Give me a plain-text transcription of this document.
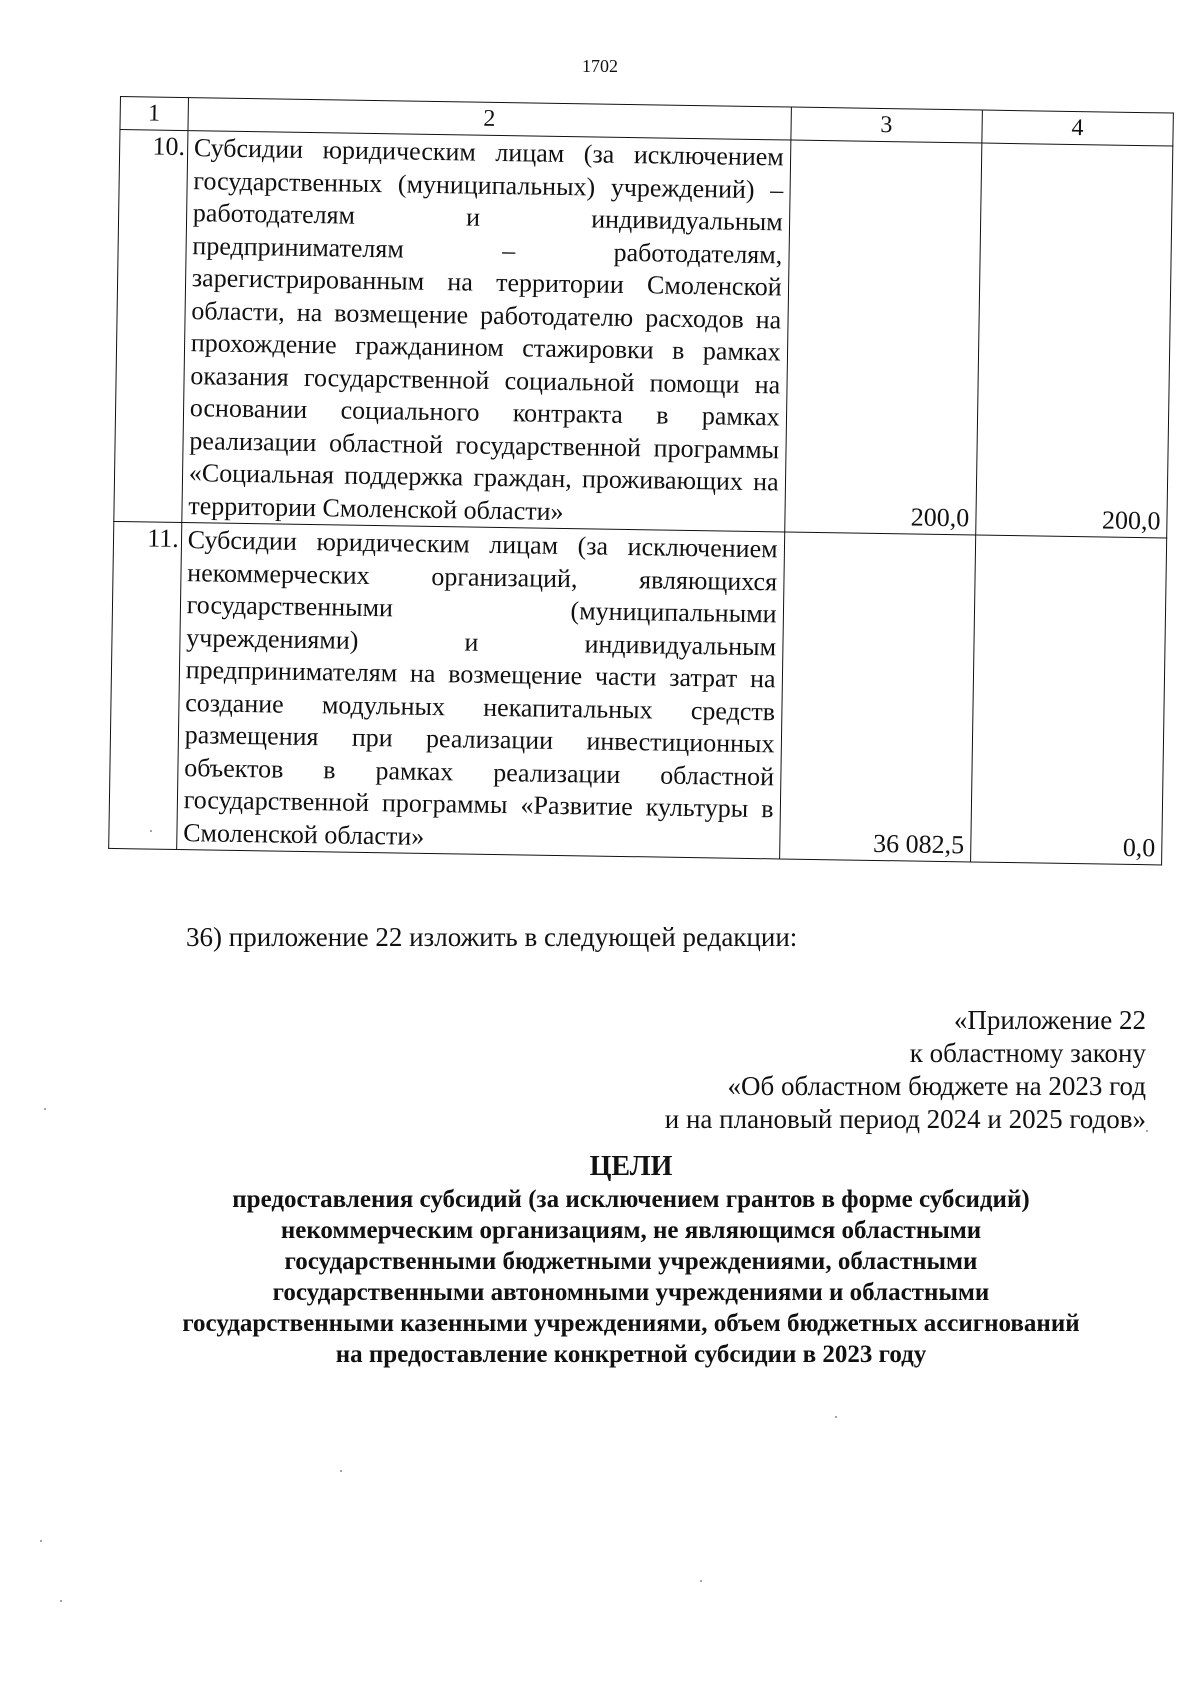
1702
1	2	3	4
10.	Субсидии юридическим лицам (за исключением государственных (муниципальных) учреждений) – работодателям и индивидуальным предпринимателям – работодателям, зарегистрированным на территории Смоленской области, на возмещение работодателю расходов на прохождение гражданином стажировки в рамках оказания государственной социальной помощи на основании социального контракта в рамках реализации областной государственной программы «Социальная поддержка граждан, проживающих на территории Смоленской области»	200,0	200,0
11.	Субсидии юридическим лицам (за исключением некоммерческих организаций, являющихся государственными (муниципальными учреждениями) и индивидуальным предпринимателям на возмещение части затрат на создание модульных некапитальных средств размещения при реализации инвестиционных объектов в рамках реализации областной государственной программы «Развитие культуры в Смоленской области»	36 082,5	0,0
36) приложение 22 изложить в следующей редакции:
«Приложение 22
к областному закону
«Об областном бюджете на 2023 год
и на плановый период 2024 и 2025 годов»
ЦЕЛИ
предоставления субсидий (за исключением грантов в форме субсидий)
некоммерческим организациям, не являющимся областными
государственными бюджетными учреждениями, областными
государственными автономными учреждениями и областными
государственными казенными учреждениями, объем бюджетных ассигнований
на предоставление конкретной субсидии в 2023 году
